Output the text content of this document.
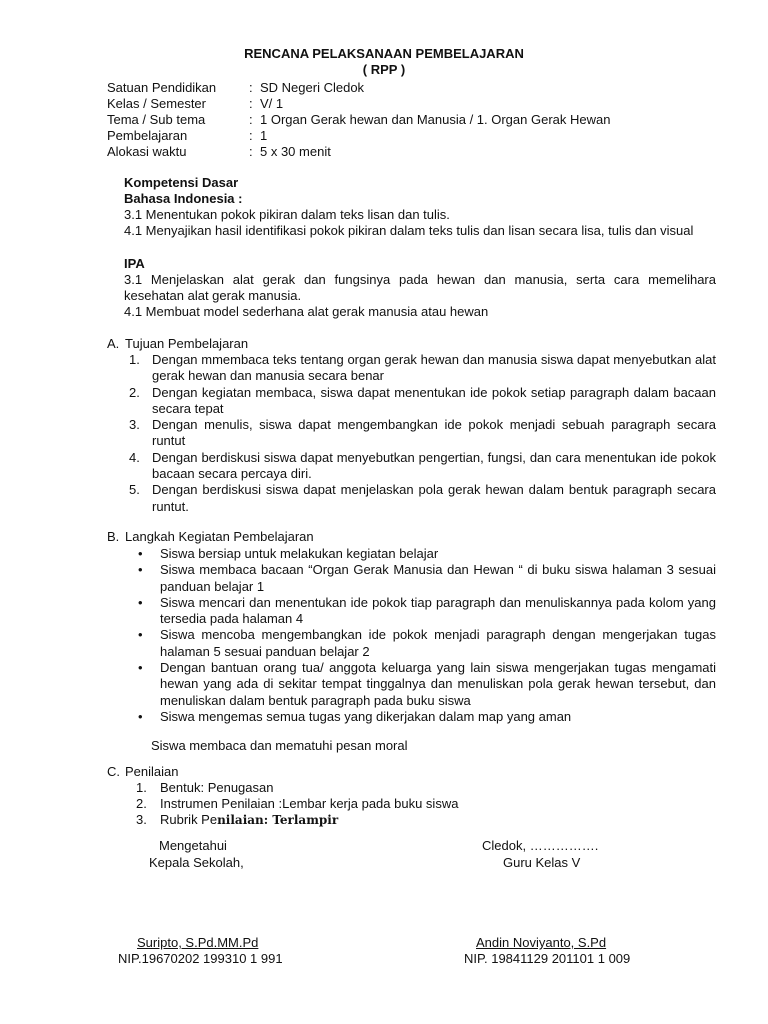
RENCANA PELAKSANAAN PEMBELAJARAN
( RPP )
Satuan Pendidikan	: SD Negeri Cledok
Kelas / Semester	: V/ 1
Tema / Sub tema	: 1 Organ Gerak hewan dan Manusia / 1. Organ Gerak Hewan
Pembelajaran	: 1
Alokasi waktu	: 5 x 30 menit
Kompetensi Dasar
Bahasa Indonesia :
3.1 Menentukan pokok pikiran dalam teks lisan dan tulis.
4.1 Menyajikan hasil identifikasi pokok pikiran dalam teks tulis dan lisan secara lisa, tulis dan visual
IPA
3.1 Menjelaskan alat gerak dan fungsinya pada hewan dan manusia, serta cara memelihara kesehatan alat gerak manusia.
4.1 Membuat model sederhana alat gerak manusia atau hewan
A. Tujuan Pembelajaran
1. Dengan mmembaca teks tentang organ gerak hewan dan manusia siswa dapat menyebutkan alat gerak hewan dan manusia secara benar
2. Dengan kegiatan membaca, siswa dapat menentukan ide pokok setiap paragraph dalam bacaan secara tepat
3. Dengan menulis, siswa dapat mengembangkan ide pokok menjadi sebuah paragraph secara runtut
4. Dengan berdiskusi siswa dapat menyebutkan pengertian, fungsi, dan cara menentukan ide pokok bacaan secara percaya diri.
5. Dengan berdiskusi siswa dapat menjelaskan pola gerak hewan dalam bentuk paragraph secara runtut.
B. Langkah Kegiatan Pembelajaran
• Siswa bersiap untuk melakukan kegiatan belajar
• Siswa membaca bacaan “Organ Gerak Manusia dan Hewan “ di buku siswa halaman 3 sesuai panduan belajar 1
• Siswa mencari dan menentukan ide pokok tiap paragraph dan menuliskannya pada kolom yang tersedia pada halaman 4
• Siswa mencoba mengembangkan ide pokok menjadi paragraph dengan mengerjakan tugas halaman 5 sesuai panduan belajar 2
• Dengan bantuan orang tua/ anggota keluarga yang lain siswa mengerjakan tugas mengamati hewan yang ada di sekitar tempat tinggalnya dan menuliskan pola gerak hewan tersebut, dan menuliskan dalam bentuk paragraph pada buku siswa
• Siswa mengemas semua tugas yang dikerjakan dalam map yang aman
Siswa membaca dan mematuhi pesan moral
C. Penilaian
1. Bentuk: Penugasan
2. Instrumen Penilaian :Lembar kerja pada buku siswa
3. Rubrik Penilaian: Terlampir
Mengetahui
Kepala Sekolah,
Cledok, …………….
Guru Kelas V
Suripto, S.Pd.MM.Pd
NIP.19670202 199310 1 991
Andin Noviyanto, S.Pd
NIP. 19841129 201101 1 009
